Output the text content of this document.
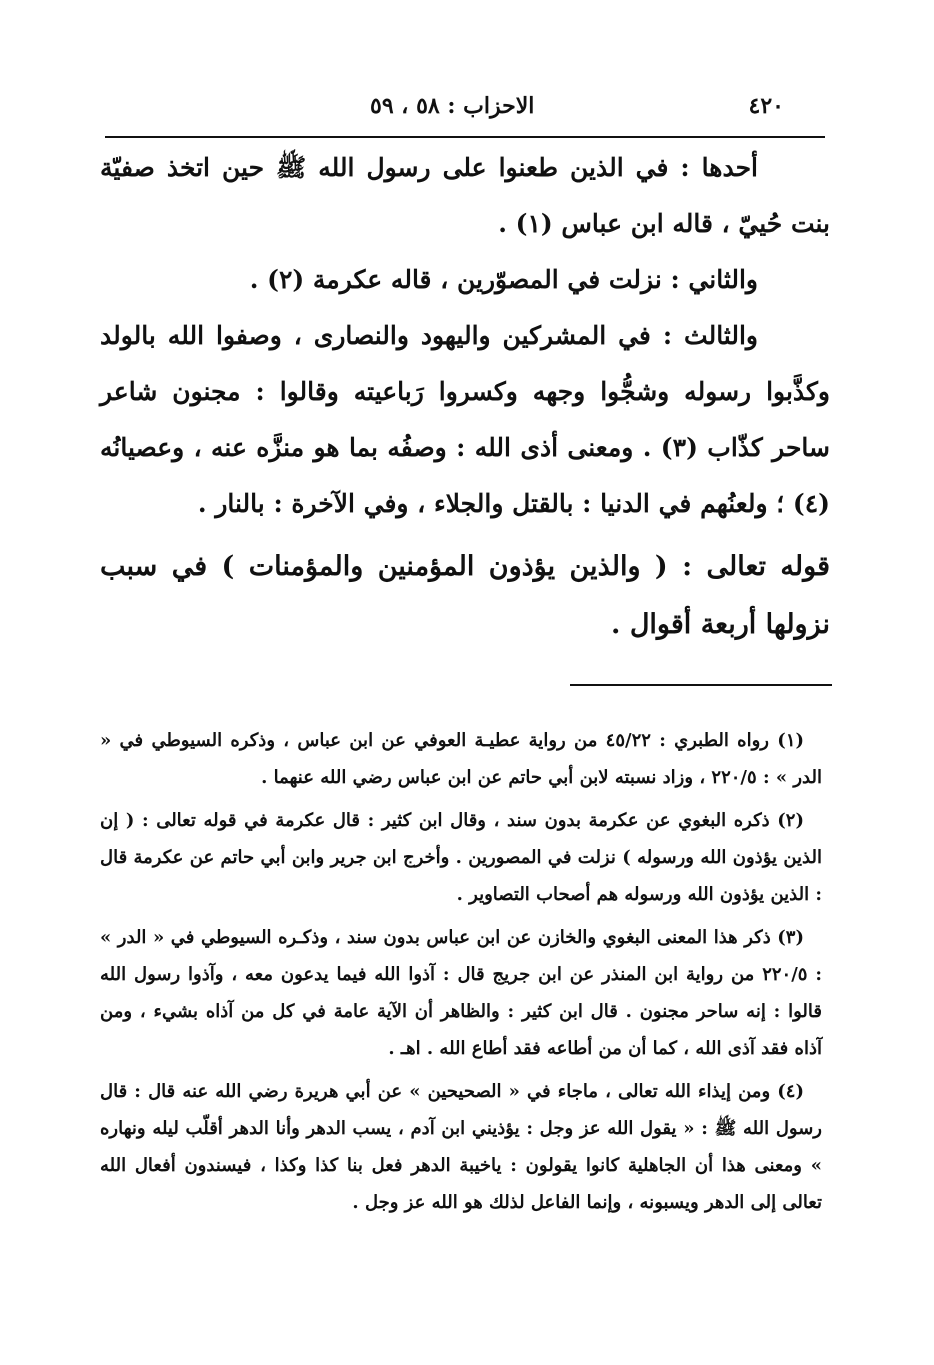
٤٢٠
الاحزاب : ٥٨ ، ٥٩

أحدها : في الذين طعنوا على رسول الله ﷺ حين اتخذ صفيّة بنت حُييّ ، قاله ابن عباس (١) .

والثاني : نزلت في المصوّرين ، قاله عكرمة (٢) .

والثالث : في المشركين واليهود والنصارى ، وصفوا الله بالولد وكذَّبوا رسوله وشجُّوا وجهه وكسروا رَباعيته وقالوا : مجنون شاعر ساحر كذّاب (٣) . ومعنى أذى الله : وصفُه بما هو منزَّه عنه ، وعصيانُه (٤) ؛ ولعنُهم في الدنيا : بالقتل والجلاء ، وفي الآخرة : بالنار .

قوله تعالى : ( والذين يؤذون المؤمنين والمؤمنات ) في سبب نزولها أربعة أقوال .

(١) رواه الطبري : ٤٥/٢٢ من رواية عطيـة العوفي عن ابن عباس ، وذكره السيوطي في « الدر » : ٢٢٠/٥ ، وزاد نسبته لابن أبي حاتم عن ابن عباس رضي الله عنهما .

(٢) ذكره البغوي عن عكرمة بدون سند ، وقال ابن كثير : قال عكرمة في قوله تعالى : ( إن الذين يؤذون الله ورسوله ) نزلت في المصورين . وأخرج ابن جرير وابن أبي حاتم عن عكرمة قال : الذين يؤذون الله ورسوله هم أصحاب التصاوير .

(٣) ذكر هذا المعنى البغوي والخازن عن ابن عباس بدون سند ، وذكـره السيوطي في « الدر » : ٢٢٠/٥ من رواية ابن المنذر عن ابن جريج قال : آذوا الله فيما يدعون معه ، وآذوا رسول الله قالوا : إنه ساحر مجنون . قال ابن كثير : والظاهر أن الآية عامة في كل من آذاه بشيء ، ومن آذاه فقد آذى الله ، كما أن من أطاعه فقد أطاع الله . اهـ .

(٤) ومن إيذاء الله تعالى ، ماجاء في « الصحيحين » عن أبي هريرة رضي الله عنه قال : قال رسول الله ﷺ : « يقول الله عز وجل : يؤذيني ابن آدم ، يسب الدهر وأنا الدهر أقلّب ليله ونهاره » ومعنى هذا أن الجاهلية كانوا يقولون : ياخيبة الدهر فعل بنا كذا وكذا ، فيسندون أفعال الله تعالى إلى الدهر ويسبونه ، وإنما الفاعل لذلك هو الله عز وجل .
